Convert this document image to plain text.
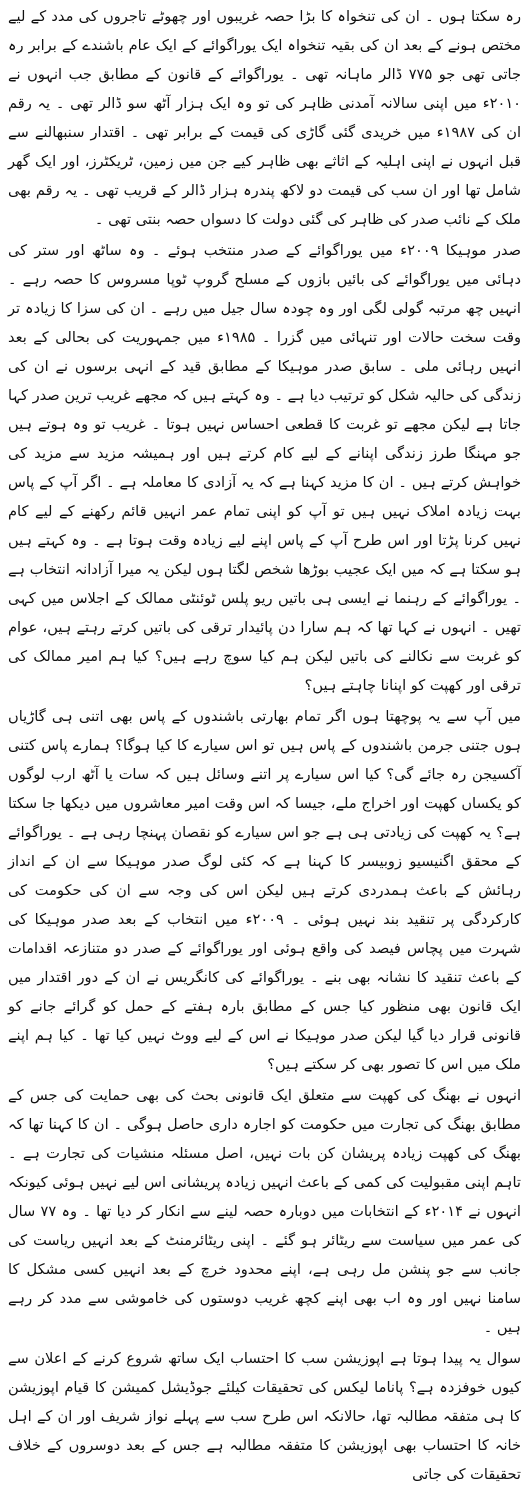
رہ سکتا ہوں ۔ ان کی تنخواہ کا بڑا حصہ غریبوں اور چھوٹے تاجروں کی مدد کے لیے مختص ہونے کے بعد ان کی بقیہ تنخواہ ایک یوراگوائے کے ایک عام باشندے کے برابر رہ جاتی تھی جو ۷۷۵ ڈالر ماہانہ تھی ۔ یوراگوائے کے قانون کے مطابق جب انہوں نے ۲۰۱۰ء میں اپنی سالانہ آمدنی ظاہر کی تو وہ ایک ہزار آٹھ سو ڈالر تھی ۔ یہ رقم ان کی ۱۹۸۷ء میں خریدی گئی گاڑی کی قیمت کے برابر تھی ۔ اقتدار سنبھالنے سے قبل انہوں نے اپنی اہلیہ کے اثاثے بھی ظاہر کیے جن میں زمین، ٹریکٹرز، اور ایک گھر شامل تھا اور ان سب کی قیمت دو لاکھ پندرہ ہزار ڈالر کے قریب تھی ۔ یہ رقم بھی ملک کے نائب صدر کی ظاہر کی گئی دولت کا دسواں حصہ بنتی تھی ۔

صدر موہیکا ۲۰۰۹ء میں یوراگوائے کے صدر منتخب ہوئے ۔ وہ ساٹھ اور ستر کی دہائی میں یوراگوائے کی بائیں بازوں کے مسلح گروپ ٹوپا مسروس کا حصہ رہے ۔ انہیں چھ مرتبہ گولی لگی اور وہ چودہ سال جیل میں رہے ۔ ان کی سزا کا زیادہ تر وقت سخت حالات اور تنہائی میں گزرا ۔ ۱۹۸۵ء میں جمہوریت کی بحالی کے بعد انہیں رہائی ملی ۔ سابق صدر موہیکا کے مطابق قید کے انہی برسوں نے ان کی زندگی کی حالیہ شکل کو ترتیب دیا ہے ۔ وہ کہتے ہیں کہ مجھے غریب ترین صدر کہا جاتا ہے لیکن مجھے تو غربت کا قطعی احساس نہیں ہوتا ۔ غریب تو وہ ہوتے ہیں جو مہنگا طرز زندگی اپنانے کے لیے کام کرتے ہیں اور ہمیشہ مزید سے مزید کی خواہش کرتے ہیں ۔ ان کا مزید کہنا ہے کہ یہ آزادی کا معاملہ ہے ۔ اگر آپ کے پاس بہت زیادہ املاک نہیں ہیں تو آپ کو اپنی تمام عمر انہیں قائم رکھنے کے لیے کام نہیں کرنا پڑتا اور اس طرح آپ کے پاس اپنے لیے زیادہ وقت ہوتا ہے ۔ وہ کہتے ہیں ہو سکتا ہے کہ میں ایک عجیب بوڑھا شخص لگتا ہوں لیکن یہ میرا آزادانہ انتخاب ہے ۔ یوراگوائے کے رہنما نے ایسی ہی باتیں ریو پلس ٹوئنٹی ممالک کے اجلاس میں کہی تھیں ۔ انہوں نے کہا تھا کہ ہم سارا دن پائیدار ترقی کی باتیں کرتے رہتے ہیں، عوام کو غربت سے نکالنے کی باتیں لیکن ہم کیا سوچ رہے ہیں؟ کیا ہم امیر ممالک کی ترقی اور کھپت کو اپنانا چاہتے ہیں؟

میں آپ سے یہ پوچھتا ہوں اگر تمام بھارتی باشندوں کے پاس بھی اتنی ہی گاڑیاں ہوں جتنی جرمن باشندوں کے پاس ہیں تو اس سیارے کا کیا ہوگا؟ ہمارے پاس کتنی آکسیجن رہ جائے گی؟ کیا اس سیارے پر اتنے وسائل ہیں کہ سات یا آٹھ ارب لوگوں کو یکساں کھپت اور اخراج ملے، جیسا کہ اس وقت امیر معاشروں میں دیکھا جا سکتا ہے؟ یہ کھپت کی زیادتی ہی ہے جو اس سیارے کو نقصان پہنچا رہی ہے ۔ یوراگوائے کے محقق اگنیسیو زوبیسر کا کہنا ہے کہ کئی لوگ صدر موہیکا سے ان کے انداز رہائش کے باعث ہمدردی کرتے ہیں لیکن اس کی وجہ سے ان کی حکومت کی کارکردگی پر تنقید بند نہیں ہوئی ۔ ۲۰۰۹ء میں انتخاب کے بعد صدر موہیکا کی شہرت میں پچاس فیصد کی واقع ہوئی اور یوراگوائے کے صدر دو متنازعہ اقدامات کے باعث تنقید کا نشانہ بھی بنے ۔ یوراگوائے کی کانگریس نے ان کے دور اقتدار میں ایک قانون بھی منظور کیا جس کے مطابق بارہ ہفتے کے حمل کو گرائے جانے کو قانونی قرار دیا گیا لیکن صدر موہیکا نے اس کے لیے ووٹ نہیں کیا تھا ۔ کیا ہم اپنے ملک میں اس کا تصور بھی کر سکتے ہیں؟

انہوں نے بھنگ کی کھپت سے متعلق ایک قانونی بحث کی بھی حمایت کی جس کے مطابق بھنگ کی تجارت میں حکومت کو اجارہ داری حاصل ہوگی ۔ ان کا کہنا تھا کہ بھنگ کی کھپت زیادہ پریشان کن بات نہیں، اصل مسئلہ منشیات کی تجارت ہے ۔ تاہم اپنی مقبولیت کی کمی کے باعث انہیں زیادہ پریشانی اس لیے نہیں ہوئی کیونکہ انہوں نے ۲۰۱۴ء کے انتخابات میں دوبارہ حصہ لینے سے انکار کر دیا تھا ۔ وہ ۷۷ سال کی عمر میں سیاست سے ریٹائر ہو گئے ۔ اپنی ریٹائرمنٹ کے بعد انہیں ریاست کی جانب سے جو پنشن مل رہی ہے، اپنے محدود خرچ کے بعد انہیں کسی مشکل کا سامنا نہیں اور وہ اب بھی اپنے کچھ غریب دوستوں کی خاموشی سے مدد کر رہے ہیں ۔

سوال یہ پیدا ہوتا ہے اپوزیشن سب کا احتساب ایک ساتھ شروع کرنے کے اعلان سے کیوں خوفزدہ ہے؟ پاناما لیکس کی تحقیقات کیلئے جوڈیشل کمیشن کا قیام اپوزیشن کا ہی متفقہ مطالبہ تھا، حالانکہ اس طرح سب سے پہلے نواز شریف اور ان کے اہل خانہ کا احتساب بھی اپوزیشن کا متفقہ مطالبہ ہے جس کے بعد دوسروں کے خلاف تحقیقات کی جاتی
